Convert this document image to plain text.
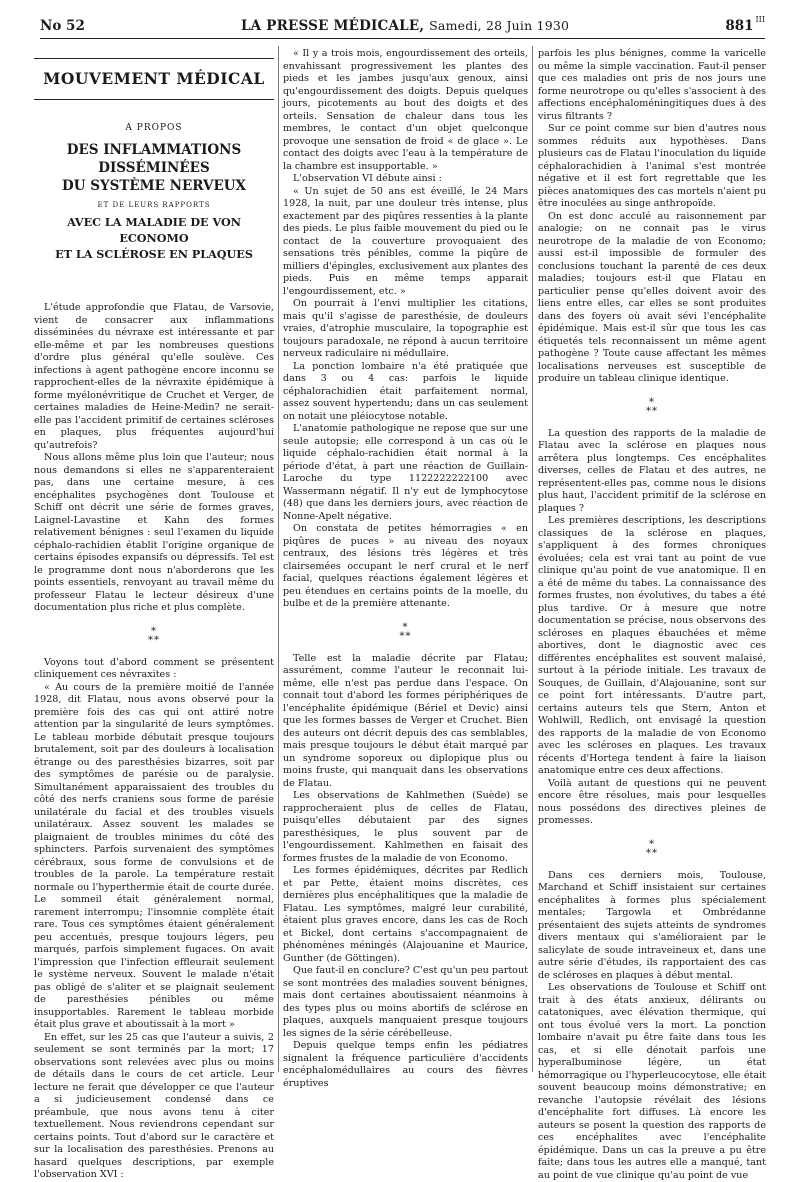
No 52	LA PRESSE MÉDICALE, Samedi, 28 Juin 1930	881 III
MOUVEMENT MÉDICAL
A PROPOS
DES INFLAMMATIONS DISSÉMINÉES
DU SYSTÈME NERVEUX
ET DE LEURS RAPPORTS
AVEC LA MALADIE DE VON ECONOMO
ET LA SCLÉROSE EN PLAQUES

L'étude approfondie que Flatau, de Varsovie, vient de consacrer aux inflammations disséminées du névraxe est intéressante et par elle-même et par les nombreuses questions d'ordre plus général qu'elle soulève. Ces infections à agent pathogène encore inconnu se rapprochent-elles de la névraxite épidémique à forme myélonévritique de Cruchet et Verger, de certaines maladies de Heine-Medin? ne serait-elle pas l'accident primitif de certaines scléroses en plaques, plus fréquentes aujourd'hui qu'autrefois?

Nous allons même plus loin que l'auteur; nous nous demandons si elles ne s'apparenteraient pas, dans une certaine mesure, à ces encéphalites psychogènes dont Toulouse et Schiff ont décrit une série de formes graves, Laignel-Lavastine et Kahn des formes relativement bénignes : seul l'examen du liquide céphalo-rachidien établit l'origine organique de certains épisodes expansifs ou dépressifs. Tel est le programme dont nous n'aborderons que les points essentiels, renvoyant au travail même du professeur Flatau le lecteur désireux d'une documentation plus riche et plus complète.

*
**

Voyons tout d'abord comment se présentent cliniquement ces névraxites :

« Au cours de la première moitié de l'année 1928, dit Flatau, nous avons observé pour la première fois des cas qui ont attiré notre attention par la singularité de leurs symptômes. Le tableau morbide débutait presque toujours brutalement, soit par des douleurs à localisation étrange ou des paresthésies bizarres, soit par des symptômes de parésie ou de paralysie. Simultanément apparaissaient des troubles du côté des nerfs craniens sous forme de parésie unilatérale du facial et des troubles visuels unilatéraux. Assez souvent les malades se plaignaient de troubles minimes du côté des sphincters. Parfois survenaient des symptômes cérébraux, sous forme de convulsions et de troubles de la parole. La température restait normale ou l'hyperthermie était de courte durée. Le sommeil était généralement normal, rarement interrompu; l'insomnie complète était rare. Tous ces symptômes étaient généralement peu accentués, presque toujours légers, peu marqués, parfois simplement fugaces. On avait l'impression que l'infection effleurait seulement le système nerveux. Souvent le malade n'était pas obligé de s'aliter et se plaignait seulement de paresthésies pénibles ou même insupportables. Rarement le tableau morbide était plus grave et aboutissait à la mort »

En effet, sur les 25 cas que l'auteur a suivis, 2 seulement se sont terminés par la mort; 17 observations sont relevées avec plus ou moins de détails dans le cours de cet article. Leur lecture ne ferait que développer ce que l'auteur a si judicieusement condensé dans ce préambule, que nous avons tenu à citer textuellement. Nous reviendrons cependant sur certains points. Tout d'abord sur le caractère et sur la localisation des paresthésies. Prenons au hasard quelques descriptions, par exemple l'observation XVI :

« Il y a trois mois, engourdissement des orteils, envahissant progressivement les plantes des pieds et les jambes jusqu'aux genoux, ainsi qu'engourdissement des doigts. Depuis quelques jours, picotements au bout des doigts et des orteils. Sensation de chaleur dans tous les membres, le contact d'un objet quelconque provoque une sensation de froid « de glace ». Le contact des doigts avec l'eau à la température de la chambre est insupportable. »

L'observation VI débute ainsi :

« Un sujet de 50 ans est éveillé, le 24 Mars 1928, la nuit, par une douleur très intense, plus exactement par des piqûres ressenties à la plante des pieds. Le plus faible mouvement du pied ou le contact de la couverture provoquaient des sensations très pénibles, comme la piqûre de milliers d'épingles, exclusivement aux plantes des pieds. Puis en même temps apparait l'engourdissement, etc. »

On pourrait à l'envi multiplier les citations, mais qu'il s'agisse de paresthésie, de douleurs vraies, d'atrophie musculaire, la topographie est toujours paradoxale, ne répond à aucun territoire nerveux radiculaire ni médullaire.

La ponction lombaire n'a été pratiquée que dans 3 ou 4 cas: parfois le liquide céphalorachidien était parfaitement normal, assez souvent hypertendu; dans un cas seulement on notait une pléiocytose notable.

L'anatomie pathologique ne repose que sur une seule autopsie; elle correspond à un cas où le liquide céphalo-rachidien était normal à la période d'état, à part une réaction de Guillain-Laroche du type 1122222222100 avec Wassermann négatif. Il n'y eut de lymphocytose (48) que dans les derniers jours, avec réaction de Nonne-Apelt négative.

On constata de petites hémorragies « en piqûres de puces » au niveau des noyaux centraux, des lésions très légères et très clairsemées occupant le nerf crural et le nerf facial, quelques réactions également légères et peu étendues en certains points de la moelle, du bulbe et de la première attenante.

*
**

Telle est la maladie décrite par Flatau; assurément, comme l'auteur le reconnait lui-même, elle n'est pas perdue dans l'espace. On connait tout d'abord les formes périphériques de l'encéphalite épidémique (Bériel et Devic) ainsi que les formes basses de Verger et Cruchet. Bien des auteurs ont décrit depuis des cas semblables, mais presque toujours le début était marqué par un syndrome soporeux ou diplopique plus ou moins fruste, qui manquait dans les observations de Flatau.

Les observations de Kahlmethen (Suède) se rapprocheraient plus de celles de Flatau, puisqu'elles débutaient par des signes paresthésiques, le plus souvent par de l'engourdissement. Kahlmethen en faisait des formes frustes de la maladie de von Economo.

Les formes épidémiques, décrites par Redlich et par Pette, étaient moins discrètes, ces dernières plus encéphalitiques que la maladie de Flatau. Les symptômes, malgré leur curabilité, étaient plus graves encore, dans les cas de Roch et Bickel, dont certains s'accompagnaient de phénomènes méningés (Alajouanine et Maurice, Gunther (de Göttingen).

Que faut-il en conclure? C'est qu'un peu partout se sont montrées des maladies souvent bénignes, mais dont certaines aboutissaient néanmoins à des types plus ou moins abortifs de sclérose en plaques, auxquels manquaient presque toujours les signes de la série cérébelleuse.

Depuis quelque temps enfin les pédiatres signalent la fréquence particulière d'accidents encéphalomédullaires au cours des fièvres éruptives

parfois les plus bénignes, comme la varicelle ou même la simple vaccination. Faut-il penser que ces maladies ont pris de nos jours une forme neurotrope ou qu'elles s'associent à des affections encéphaloméningitiques dues à des virus filtrants ?

Sur ce point comme sur bien d'autres nous sommes réduits aux hypothèses. Dans plusieurs cas de Flatau l'inoculation du liquide céphalorachidien à l'animal s'est montrée négative et il est fort regrettable que les pièces anatomiques des cas mortels n'aient pu être inoculées au singe anthropoïde.

On est donc acculé au raisonnement par analogie; on ne connait pas le virus neurotrope de la maladie de von Economo; aussi est-il impossible de formuler des conclusions touchant la parenté de ces deux maladies; toujours est-il que Flatau en particulier pense qu'elles doivent avoir des liens entre elles, car elles se sont produites dans des foyers où avait sévi l'encéphalite épidémique. Mais est-il sûr que tous les cas étiquetés tels reconnaissent un même agent pathogène ? Toute cause affectant les mêmes localisations nerveuses est susceptible de produire un tableau clinique identique.

*
**

La question des rapports de la maladie de Flatau avec la sclérose en plaques nous arrêtera plus longtemps. Ces encéphalites diverses, celles de Flatau et des autres, ne représentent-elles pas, comme nous le disions plus haut, l'accident primitif de la sclérose en plaques ?

Les premières descriptions, les descriptions classiques de la sclérose en plaques, s'appliquent à des formes chroniques évoluées; cela est vrai tant au point de vue clinique qu'au point de vue anatomique. Il en a été de même du tabes. La connaissance des formes frustes, non évolutives, du tabes a été plus tardive. Or à mesure que notre documentation se précise, nous observons des scléroses en plaques ébauchées et même abortives, dont le diagnostic avec ces différentes encéphalites est souvent malaisé, surtout à la période initiale. Les travaux de Souques, de Guillain, d'Alajouanine, sont sur ce point fort intéressants. D'autre part, certains auteurs tels que Stern, Anton et Wohlwill, Redlich, ont envisagé la question des rapports de la maladie de von Economo avec les scléroses en plaques. Les travaux récents d'Hortega tendent à faire la liaison anatomique entre ces deux affections.

Voilà autant de questions qui ne peuvent encore être résolues, mais pour lesquelles nous possédons des directives pleines de promesses.

*
**

Dans ces derniers mois, Toulouse, Marchand et Schiff insistaient sur certaines encéphalites à formes plus spécialement mentales; Targowla et Ombrédanne présentaient des sujets atteints de syndromes divers mentaux qui s'amélioraient par le salicylate de soude intraveineux et, dans une autre série d'études, ils rapportaient des cas de scléroses en plaques à début mental.

Les observations de Toulouse et Schiff ont trait à des états anxieux, délirants ou catatoniques, avec élévation thermique, qui ont tous évolué vers la mort. La ponction lombaire n'avait pu être faite dans tous les cas, et si elle dénotait parfois une hyperalbuminose légère, un état hémorragique ou l'hyperleucocytose, elle était souvent beaucoup moins démonstrative; en revanche l'autopsie révélait des lésions d'encéphalite fort diffuses. Là encore les auteurs se posent la question des rapports de ces encéphalites avec l'encéphalite épidémique. Dans un cas la preuve a pu être faite; dans tous les autres elle a manqué, tant au point de vue clinique qu'au point de vue
